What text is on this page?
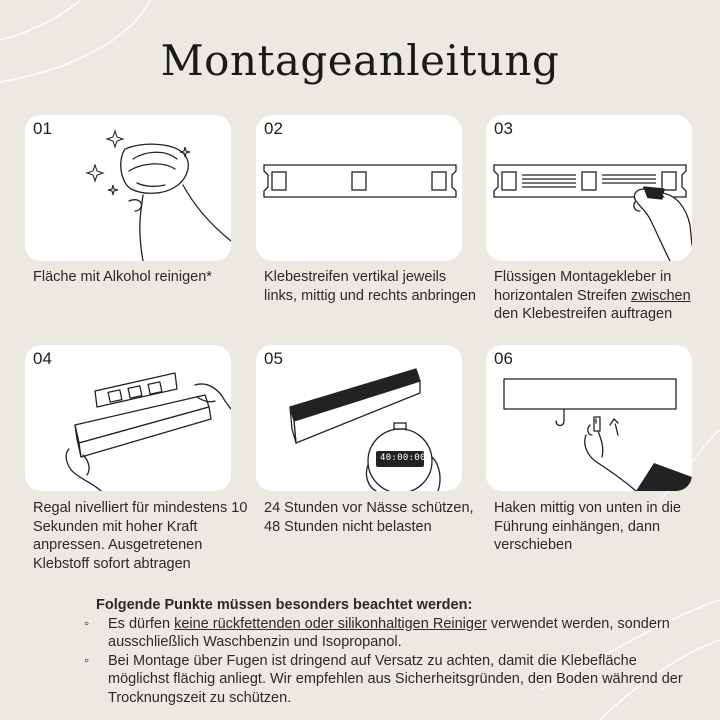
Montageanleitung
01
Fläche mit Alkohol reinigen*
02
Klebestreifen vertikal jeweils links, mittig und rechts anbringen
03
Flüssigen Montagekleber in horizontalen Streifen zwischen den Klebestreifen auftragen
04
Regal nivelliert für mindestens 10 Sekunden mit hoher Kraft anpressen. Ausgetretenen Klebstoff sofort abtragen
05
40:00:00
24 Stunden vor Nässe schützen, 48 Stunden nicht belasten
06
Haken mittig von unten in die Führung einhängen, dann verschieben
Folgende Punkte müssen besonders beachtet werden:
◦ Es dürfen keine rückfettenden oder silikonhaltigen Reiniger verwendet werden, sondern ausschließlich Waschbenzin und Isopropanol.
◦ Bei Montage über Fugen ist dringend auf Versatz zu achten, damit die Klebefläche möglichst flächig anliegt. Wir empfehlen aus Sicherheitsgründen, den Boden während der Trocknungszeit zu schützen.
